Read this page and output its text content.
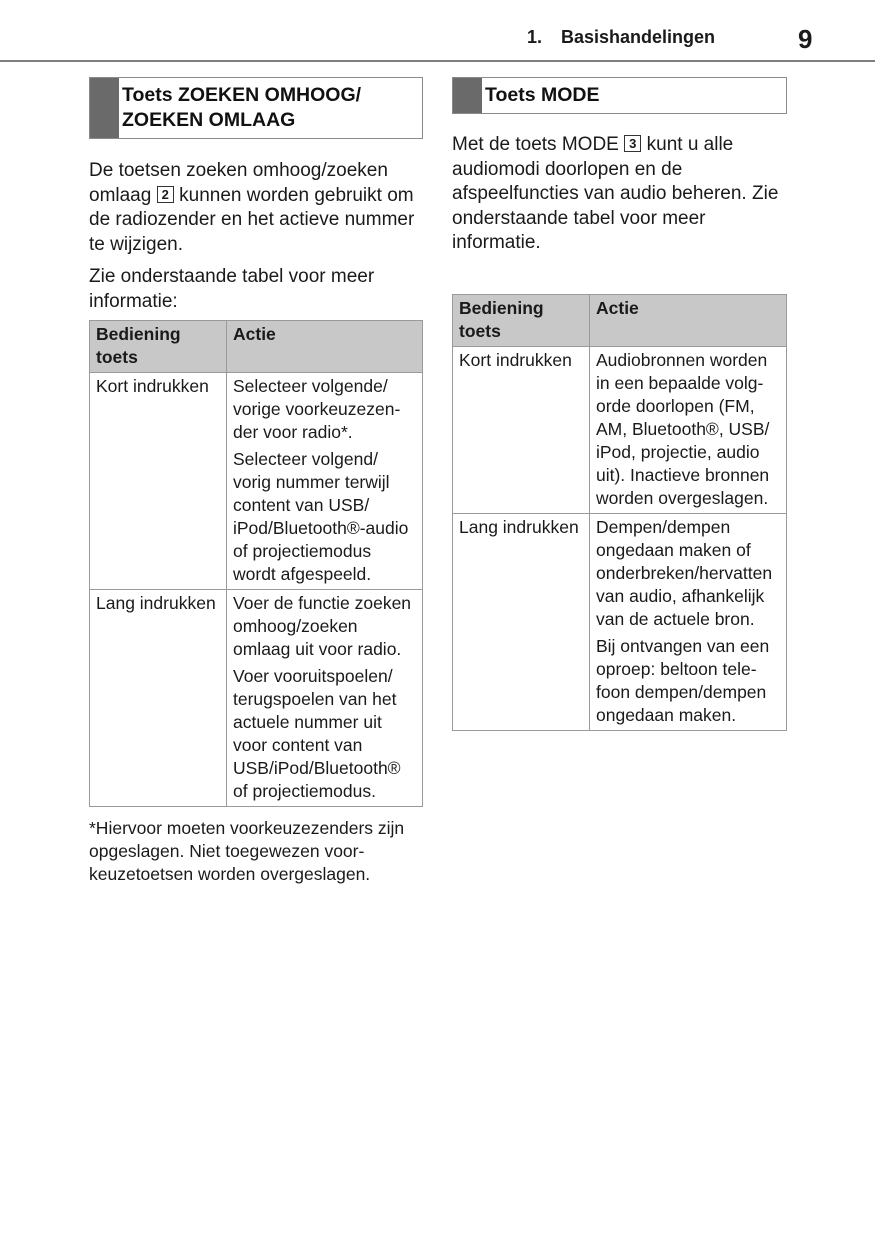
1. Basishandelingen	9
Toets ZOEKEN OMHOOG/
ZOEKEN OMLAAG

De toetsen zoeken omhoog/zoeken omlaag 2 kunnen worden gebruikt om de radiozender en het actieve nummer te wijzigen.

Zie onderstaande tabel voor meer informatie:

Bediening toets	Actie
Kort indrukken	Selecteer volgende/ vorige voorkeuzezender voor radio*.

Selecteer volgend/ vorig nummer terwijl content van USB/ iPod/Bluetooth®-audio of projectiemodus wordt afgespeeld.

Lang indrukken	Voer de functie zoeken omhoog/zoeken omlaag uit voor radio.

Voer vooruitspoelen/ terugspoelen van het actuele nummer uit voor content van USB/iPod/Bluetooth® of projectiemodus.

*Hiervoor moeten voorkeuzezenders zijn opgeslagen. Niet toegewezen voorkeuzetoetsen worden overgeslagen.

Toets MODE

Met de toets MODE 3 kunt u alle audiomodi doorlopen en de afspeelfuncties van audio beheren. Zie onderstaande tabel voor meer informatie.

Bediening toets	Actie
Kort indrukken	Audiobronnen worden in een bepaalde volgorde doorlopen (FM, AM, Bluetooth®, USB/ iPod, projectie, audio uit). Inactieve bronnen worden overgeslagen.

Lang indrukken	Dempen/dempen ongedaan maken of onderbreken/hervatten van audio, afhankelijk van de actuele bron.

Bij ontvangen van een oproep: beltoon telefoon dempen/dempen ongedaan maken.
